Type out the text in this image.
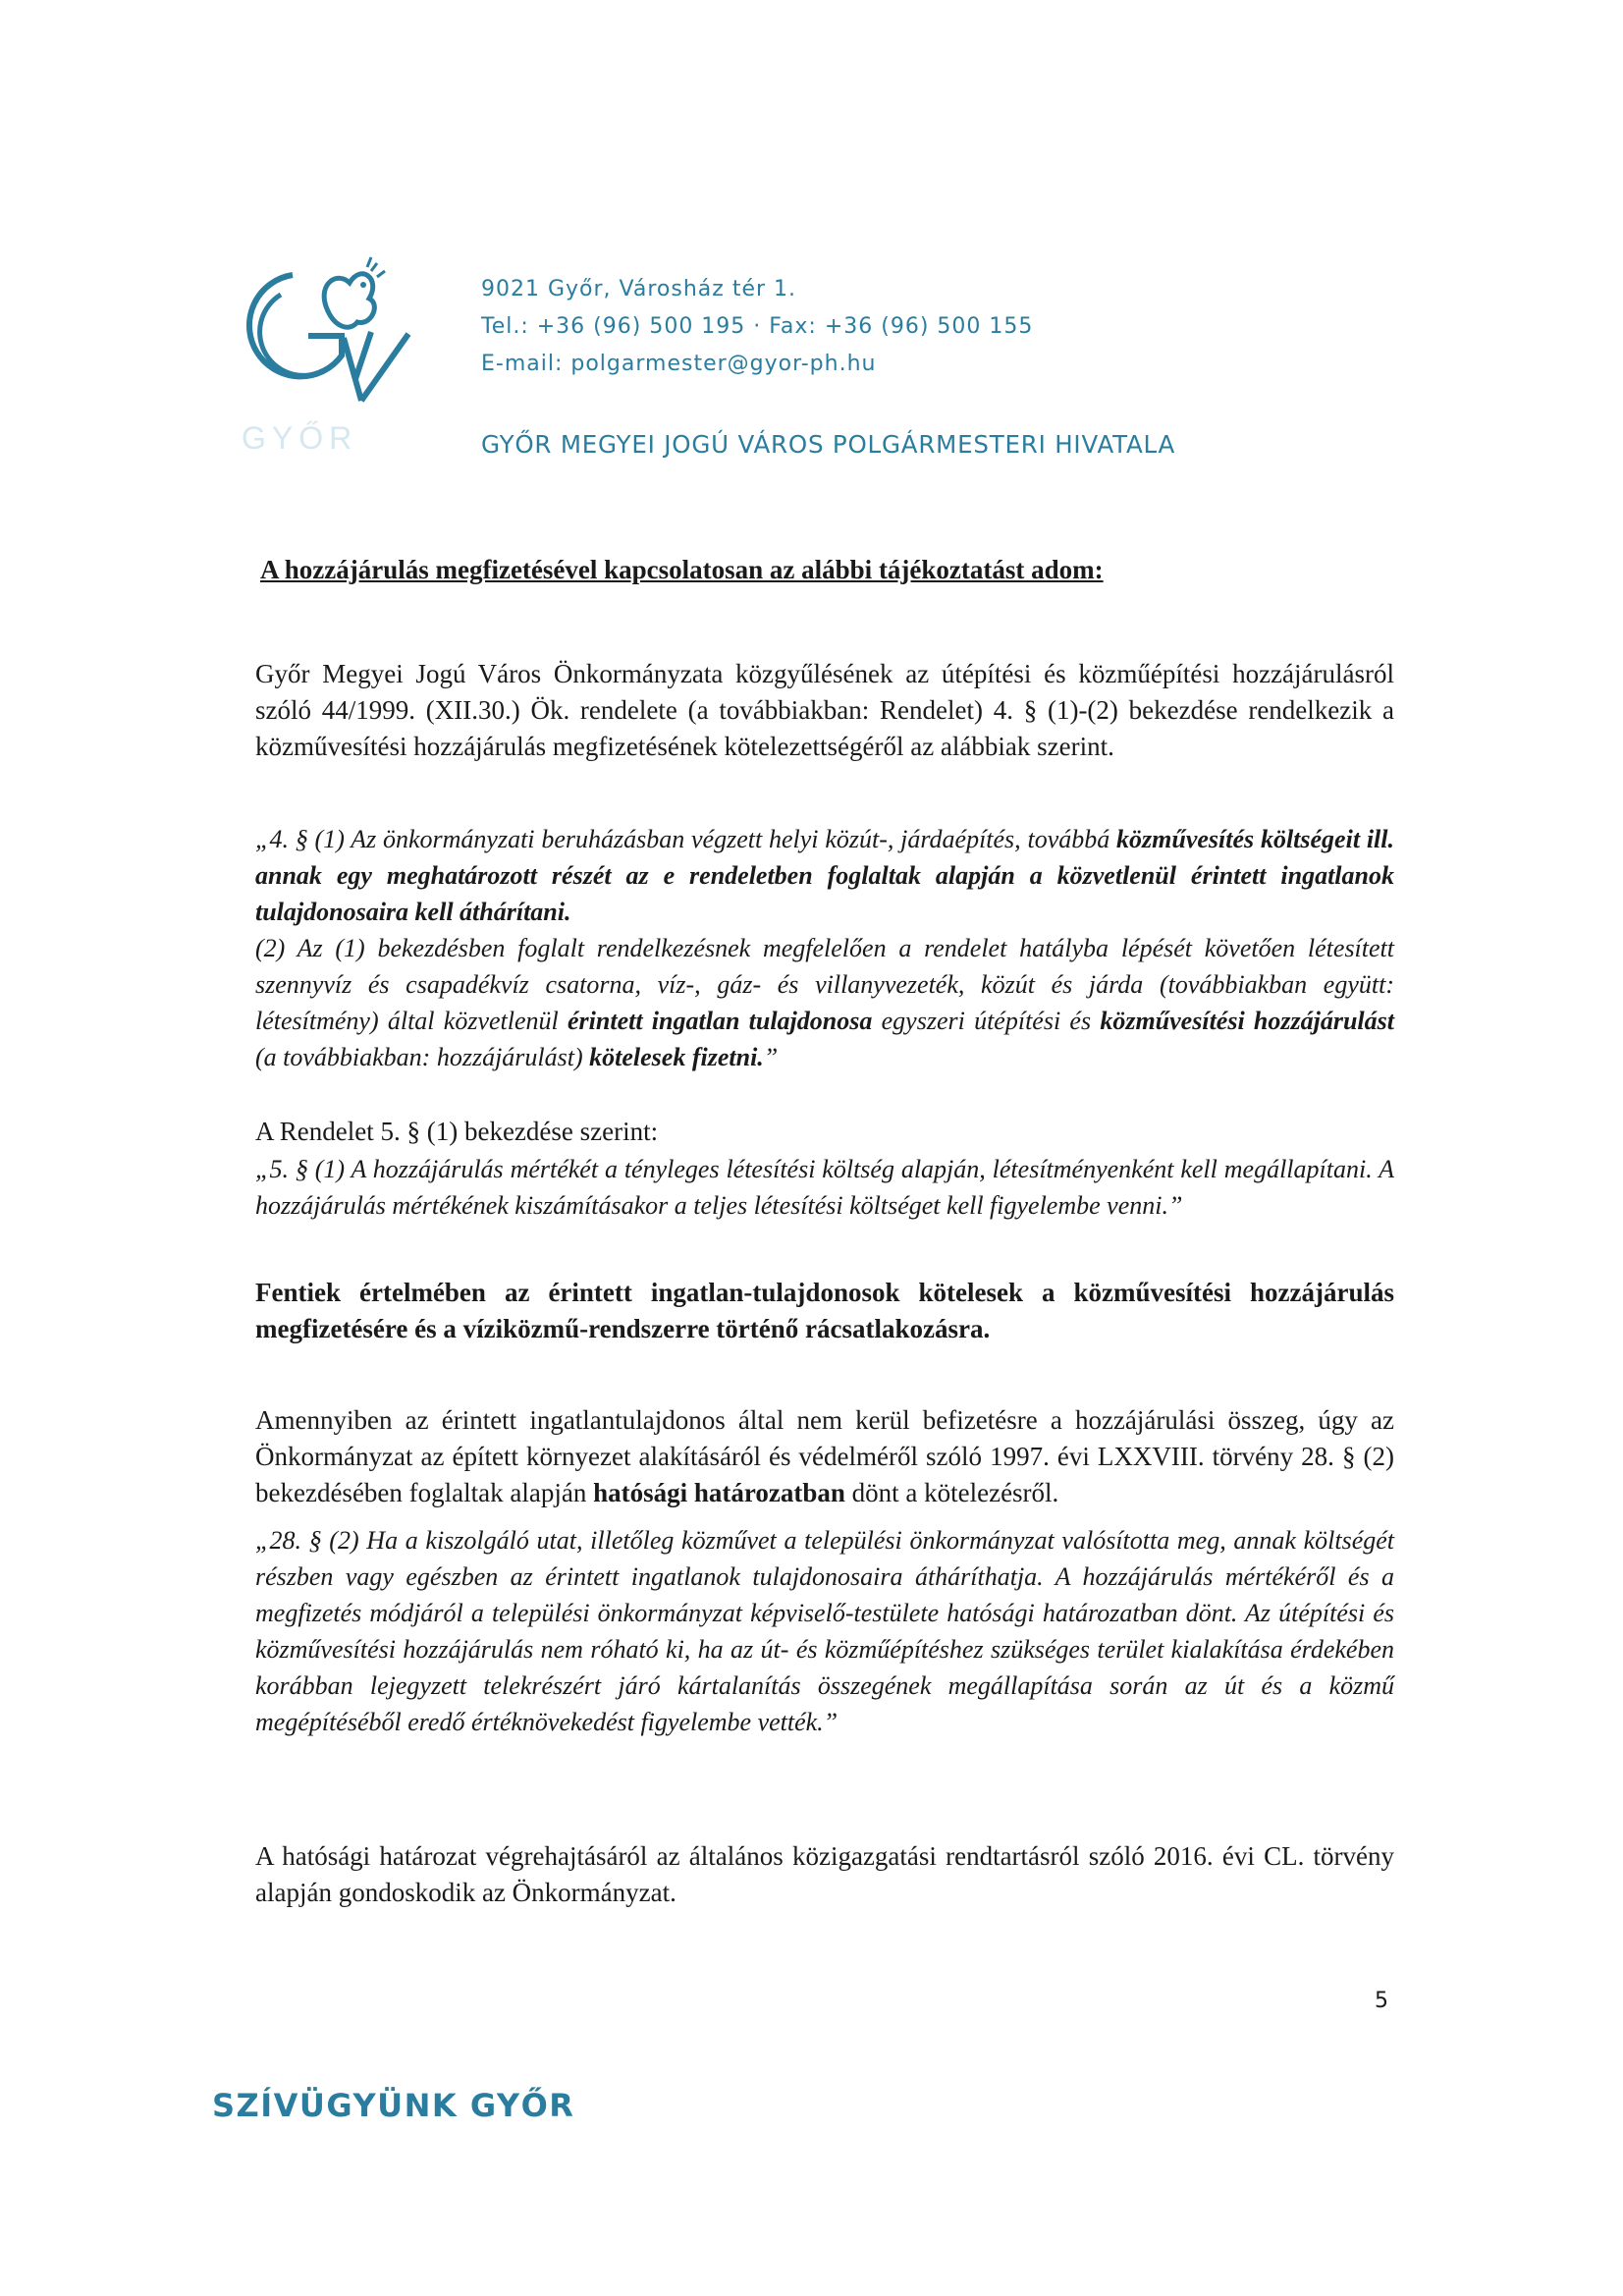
GYŐR
9021 Győr, Városház tér 1.
Tel.: +36 (96) 500 195 · Fax: +36 (96) 500 155
E-mail: polgarmester@gyor-ph.hu
GYŐR MEGYEI JOGÚ VÁROS POLGÁRMESTERI HIVATALA
A hozzájárulás megfizetésével kapcsolatosan az alábbi tájékoztatást adom:
Győr Megyei Jogú Város Önkormányzata közgyűlésének az útépítési és közműépítési hozzájárulásról szóló 44/1999. (XII.30.) Ök. rendelete (a továbbiakban: Rendelet) 4. § (1)-(2) bekezdése rendelkezik a közművesítési hozzájárulás megfizetésének kötelezettségéről az alábbiak szerint.
„4. § (1) Az önkormányzati beruházásban végzett helyi közút-, járdaépítés, továbbá közművesítés költségeit ill. annak egy meghatározott részét az e rendeletben foglaltak alapján a közvetlenül érintett ingatlanok tulajdonosaira kell áthárítani.
(2) Az (1) bekezdésben foglalt rendelkezésnek megfelelően a rendelet hatályba lépését követően létesített szennyvíz és csapadékvíz csatorna, víz-, gáz- és villanyvezeték, közút és járda (továbbiakban együtt: létesítmény) által közvetlenül érintett ingatlan tulajdonosa egyszeri útépítési és közművesítési hozzájárulást (a továbbiakban: hozzájárulást) kötelesek fizetni.”
A Rendelet 5. § (1) bekezdése szerint:
„5. § (1) A hozzájárulás mértékét a tényleges létesítési költség alapján, létesítményenként kell megállapítani. A hozzájárulás mértékének kiszámításakor a teljes létesítési költséget kell figyelembe venni.”
Fentiek értelmében az érintett ingatlan-tulajdonosok kötelesek a közművesítési hozzájárulás megfizetésére és a víziközmű-rendszerre történő rácsatlakozásra.
Amennyiben az érintett ingatlantulajdonos által nem kerül befizetésre a hozzájárulási összeg, úgy az Önkormányzat az épített környezet alakításáról és védelméről szóló 1997. évi LXXVIII. törvény 28. § (2) bekezdésében foglaltak alapján hatósági határozatban dönt a kötelezésről.
„28. § (2) Ha a kiszolgáló utat, illetőleg közművet a települési önkormányzat valósította meg, annak költségét részben vagy egészben az érintett ingatlanok tulajdonosaira átháríthatja. A hozzájárulás mértékéről és a megfizetés módjáról a települési önkormányzat képviselő-testülete hatósági határozatban dönt. Az útépítési és közművesítési hozzájárulás nem róható ki, ha az út- és közműépítéshez szükséges terület kialakítása érdekében korábban lejegyzett telekrészért járó kártalanítás összegének megállapítása során az út és a közmű megépítéséből eredő értéknövekedést figyelembe vették.”
A hatósági határozat végrehajtásáról az általános közigazgatási rendtartásról szóló 2016. évi CL. törvény alapján gondoskodik az Önkormányzat.
5
SZÍVÜGYÜNK GYŐR
